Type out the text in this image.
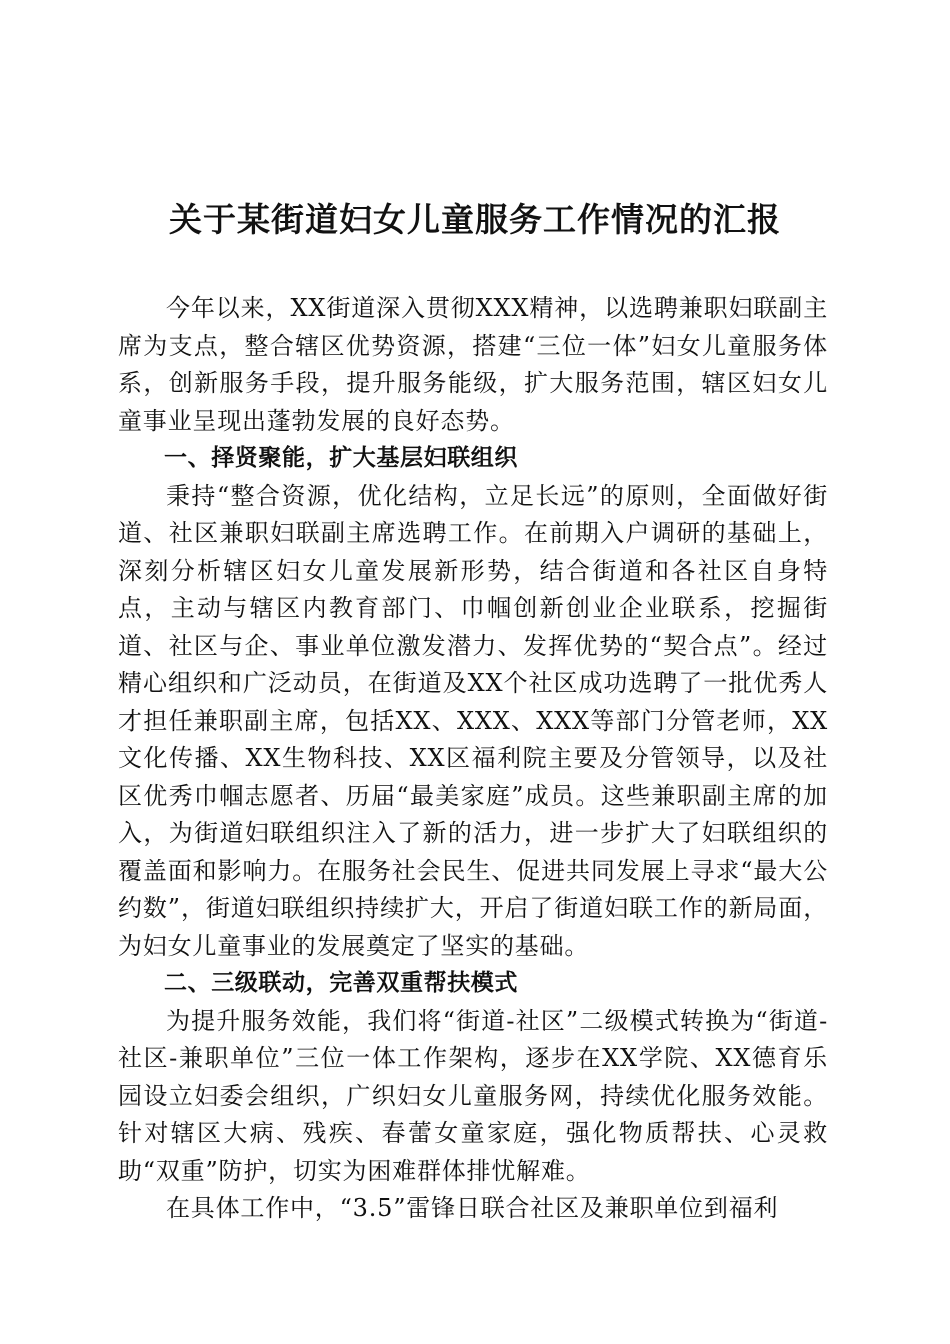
关于某街道妇女儿童服务工作情况的汇报

今年以来，XX街道深入贯彻XXX精神，以选聘兼职妇联副主席为支点，整合辖区优势资源，搭建“三位一体”妇女儿童服务体系，创新服务手段，提升服务能级，扩大服务范围，辖区妇女儿童事业呈现出蓬勃发展的良好态势。

一、择贤聚能，扩大基层妇联组织

秉持“整合资源，优化结构，立足长远”的原则，全面做好街道、社区兼职妇联副主席选聘工作。在前期入户调研的基础上，深刻分析辖区妇女儿童发展新形势，结合街道和各社区自身特点，主动与辖区内教育部门、巾帼创新创业企业联系，挖掘街道、社区与企、事业单位激发潜力、发挥优势的“契合点”。经过精心组织和广泛动员，在街道及XX个社区成功选聘了一批优秀人才担任兼职副主席，包括XX、XXX、XXX等部门分管老师，XX文化传播、XX生物科技、XX区福利院主要及分管领导，以及社区优秀巾帼志愿者、历届“最美家庭”成员。这些兼职副主席的加入，为街道妇联组织注入了新的活力，进一步扩大了妇联组织的覆盖面和影响力。在服务社会民生、促进共同发展上寻求“最大公约数”，街道妇联组织持续扩大，开启了街道妇联工作的新局面，为妇女儿童事业的发展奠定了坚实的基础。

二、三级联动，完善双重帮扶模式

为提升服务效能，我们将“街道-社区”二级模式转换为“街道-社区-兼职单位”三位一体工作架构，逐步在XX学院、XX德育乐园设立妇委会组织，广织妇女儿童服务网，持续优化服务效能。针对辖区大病、残疾、春蕾女童家庭，强化物质帮扶、心灵救助“双重”防护，切实为困难群体排忧解难。

在具体工作中，“3.5”雷锋日联合社区及兼职单位到福利
